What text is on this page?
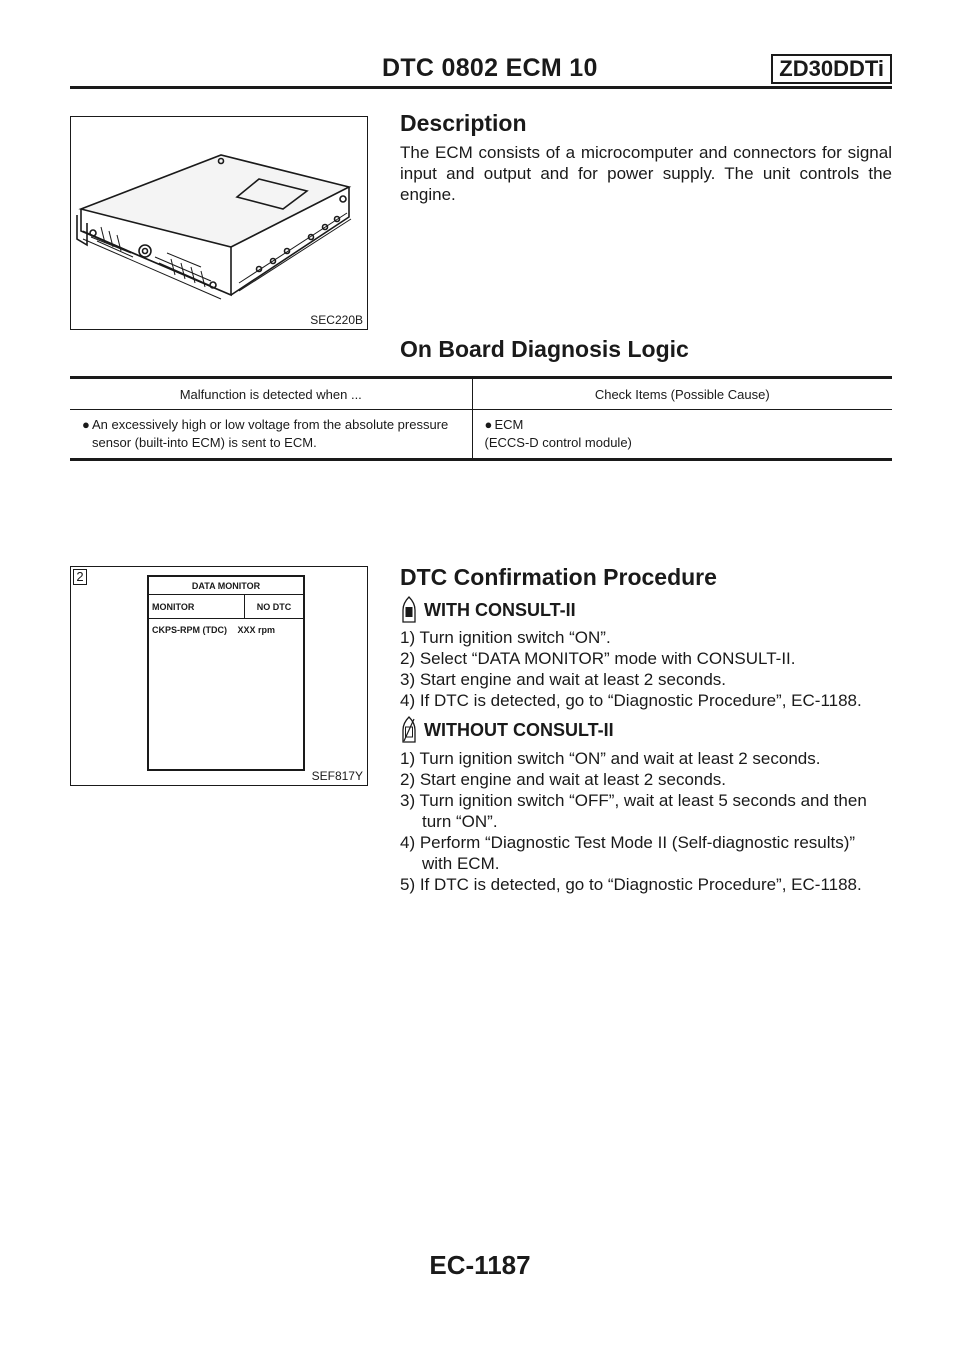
DTC 0802 ECM 10	ZD30DDTi
SEC220B
Description

The ECM consists of a microcomputer and connectors for signal input and output and for power supply. The unit controls the engine.

On Board Diagnosis Logic
Malfunction is detected when ...	Check Items (Possible Cause)

● An excessively high or low voltage from the absolute pressure sensor (built-into ECM) is sent to ECM.	● ECM
(ECCS-D control module)
2
DATA MONITOR
MONITOR	NO DTC
CKPS-RPM (TDC) XXX rpm
SEF817Y
DTC Confirmation Procedure
WITH CONSULT-II
1) Turn ignition switch “ON”.
2) Select “DATA MONITOR” mode with CONSULT-II.
3) Start engine and wait at least 2 seconds.
4) If DTC is detected, go to “Diagnostic Procedure”, EC-1188.
WITHOUT CONSULT-II
1) Turn ignition switch “ON” and wait at least 2 seconds.
2) Start engine and wait at least 2 seconds.
3) Turn ignition switch “OFF”, wait at least 5 seconds and then
turn “ON”.
4) Perform “Diagnostic Test Mode II (Self-diagnostic results)”
with ECM.
5) If DTC is detected, go to “Diagnostic Procedure”, EC-1188.
EC-1187
